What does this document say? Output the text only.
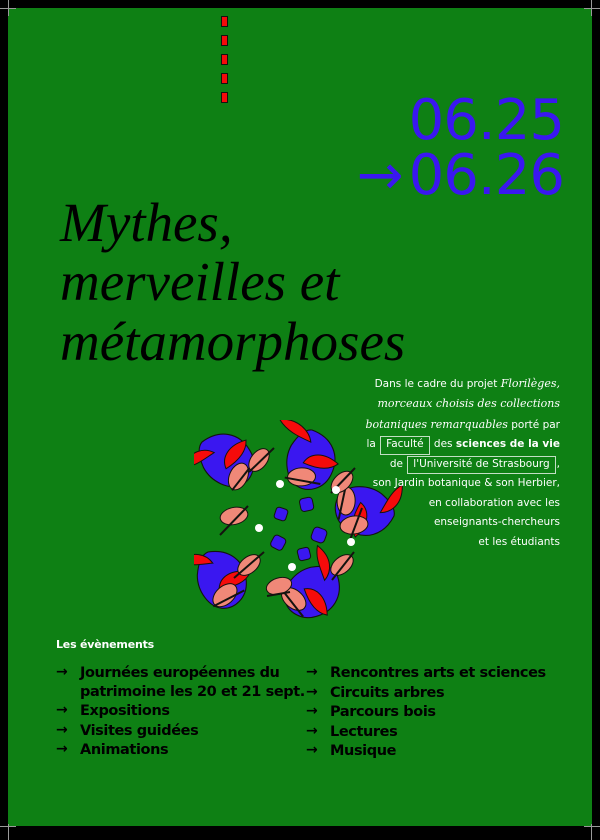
06.25
→ 06.26
Mythes,
merveilles et
métamorphoses
Dans le cadre du projet Florilèges,
morceaux choisis des collections
botaniques remarquables porté par
la Faculté des sciences de la vie
de l'Université de Strasbourg ,
son Jardin botanique & son Herbier,
en collaboration avec les
enseignants-chercheurs
et les étudiants
Les évènements
→ Journées européennes du patrimoine les 20 et 21 sept.
→ Expositions
→ Visites guidées
→ Animations
→ Rencontres arts et sciences
→ Circuits arbres
→ Parcours bois
→ Lectures
→ Musique
